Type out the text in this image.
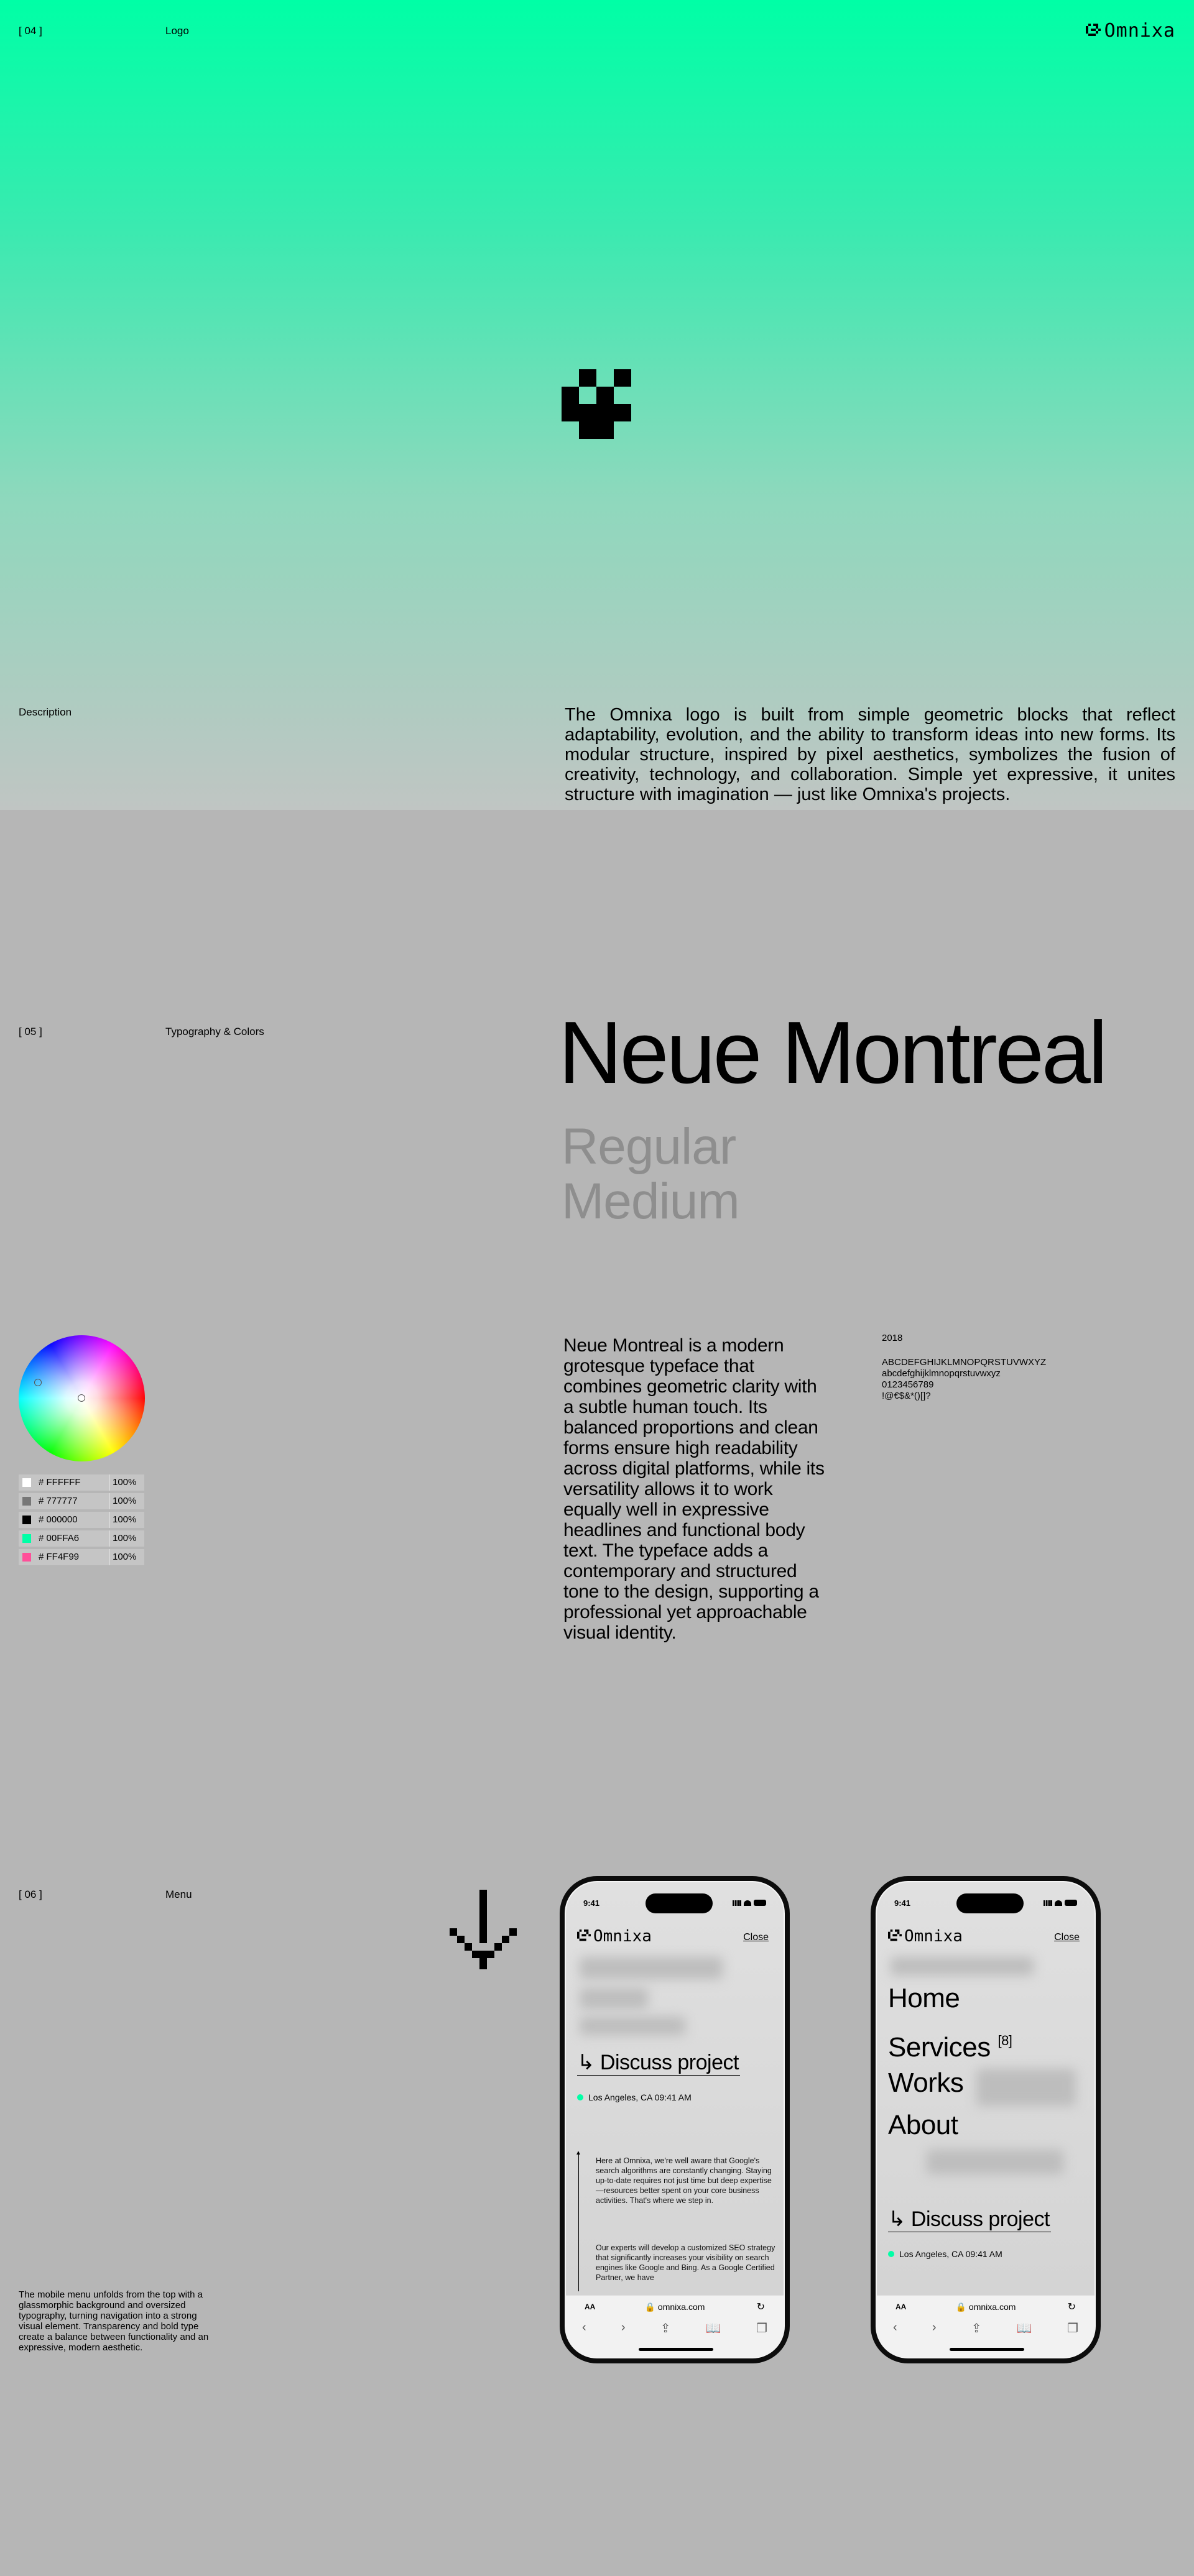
[ 04 ]	Logo	Omnixa
Description	The Omnixa logo is built from simple geometric blocks that reflect adaptability, evolution, and the ability to transform ideas into new forms. Its modular structure, inspired by pixel aesthetics, symbolizes the fusion of creativity, technology, and collaboration. Simple yet expressive, it unites structure with imagination — just like Omnixa's projects.

[ 05 ]	Typography & Colors	Neue Montreal
Regular
Medium

Neue Montreal is a modern grotesque typeface that combines geometric clarity with a subtle human touch. Its balanced proportions and clean forms ensure high readability across digital platforms, while its versatility allows it to work equally well in expressive headlines and functional body text. The typeface adds a contemporary and structured tone to the design, supporting a professional yet approachable visual identity.

2018
ABCDEFGHIJKLMNOPQRSTUVWXYZ
abcdefghijklmnopqrstuvwxyz
0123456789
!@€$&*()[]?
# FFFFFF	100%
# 777777	100%
# 000000	100%
# 00FFA6	100%
# FF4F99	100%
[ 06 ]	Menu

The mobile menu unfolds from the top with a glassmorphic background and oversized typography, turning navigation into a strong visual element. Transparency and bold type create a balance between functionality and an expressive, modern aesthetic.

9:41
Omnixa	Close
↳ Discuss project
Los Angeles, CA 09:41 AM
▲

Here at Omnixa, we're well aware that Google's search algorithms are constantly changing. Staying up-to-date requires not just time but deep expertise—resources better spent on your core business activities. That's where we step in.

Our experts will develop a customized SEO strategy that significantly increases your visibility on search engines like Google and Bing. As a Google Certified Partner, we have

AA	🔒 omnixa.com	↻
‹	›	⇪	📖	❐
9:41
Omnixa	Close
Home
Services [8]
Works
About
↳ Discuss project
Los Angeles, CA 09:41 AM
AA	🔒 omnixa.com	↻
‹	›	⇪	📖	❐
